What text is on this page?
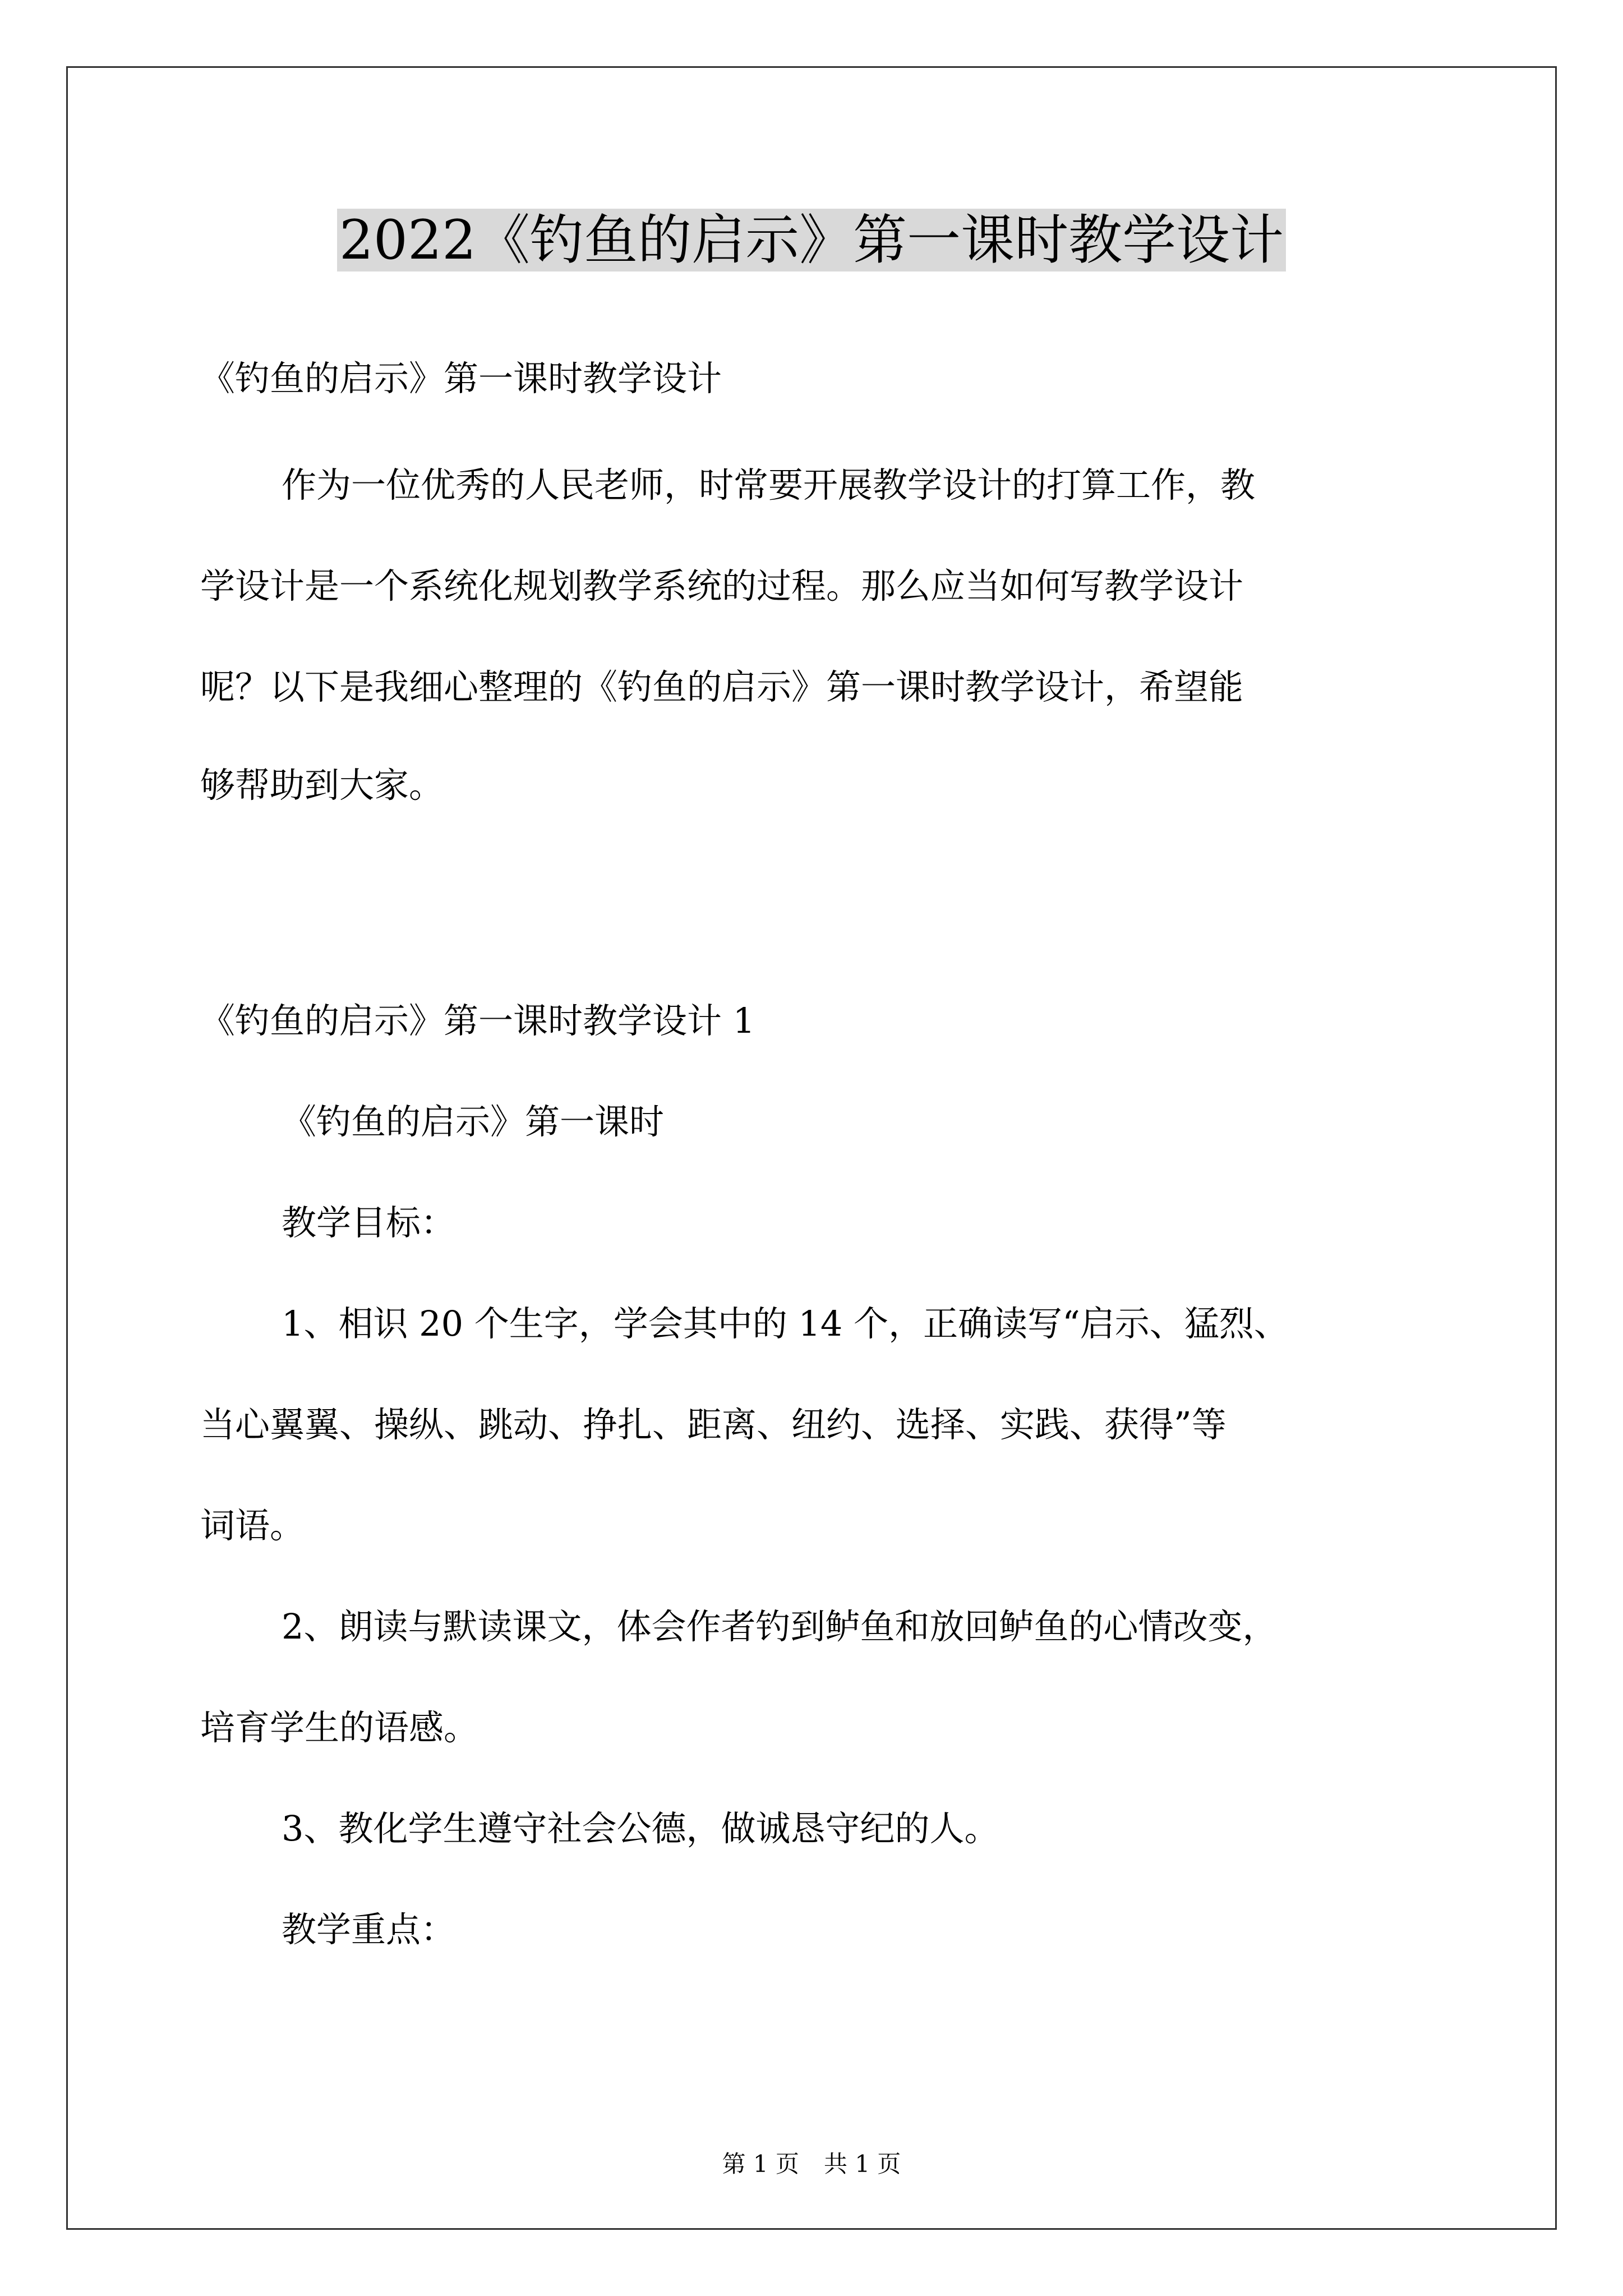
2022《钓鱼的启示》第一课时教学设计
《钓鱼的启示》第一课时教学设计
作为一位优秀的人民老师，时常要开展教学设计的打算工作，教
学设计是一个系统化规划教学系统的过程。那么应当如何写教学设计
呢？以下是我细心整理的《钓鱼的启示》第一课时教学设计，希望能
够帮助到大家。
《钓鱼的启示》第一课时教学设计 1
《钓鱼的启示》第一课时
教学目标：
1、相识 20 个生字，学会其中的 14 个，正确读写“启示、猛烈、
当心翼翼、操纵、跳动、挣扎、距离、纽约、选择、实践、获得”等
词语。
2、朗读与默读课文，体会作者钓到鲈鱼和放回鲈鱼的心情改变，
培育学生的语感。
3、教化学生遵守社会公德，做诚恳守纪的人。
教学重点：
第 1 页 共 1 页
